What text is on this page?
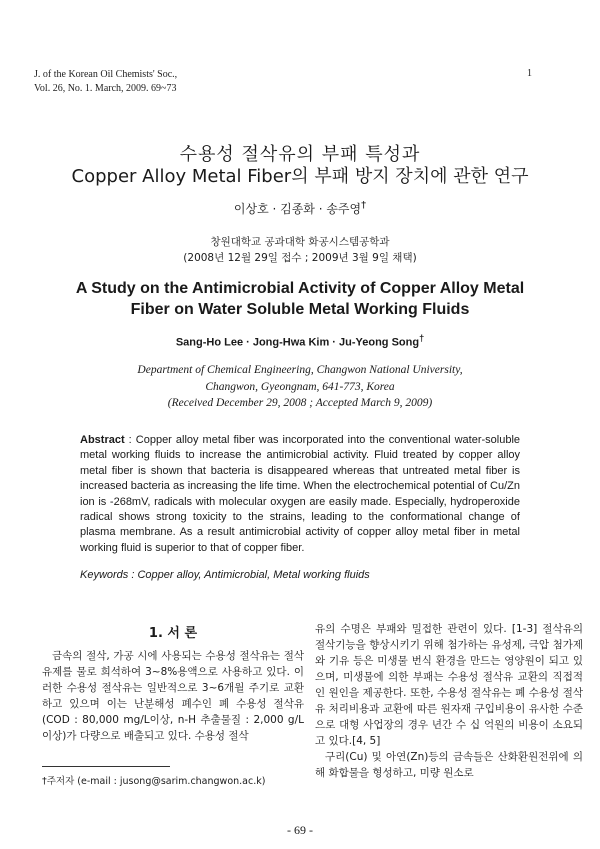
J. of the Korean Oil Chemists' Soc.,
Vol. 26, No. 1. March, 2009. 69~73
1
수용성 절삭유의 부패 특성과
Copper Alloy Metal Fiber의 부패 방지 장치에 관한 연구
이상호 · 김종화 · 송주영†
창원대학교 공과대학 화공시스템공학과
(2008년 12월 29일 접수 ; 2009년 3월 9일 채택)
A Study on the Antimicrobial Activity of Copper Alloy Metal
Fiber on Water Soluble Metal Working Fluids
Sang-Ho Lee · Jong-Hwa Kim · Ju-Yeong Song†
Department of Chemical Engineering, Changwon National University,
Changwon, Gyeongnam, 641-773, Korea
(Received December 29, 2008 ; Accepted March 9, 2009)
Abstract : Copper alloy metal fiber was incorporated into the conventional water-soluble metal working fluids to increase the antimicrobial activity. Fluid treated by copper alloy metal fiber is shown that bacteria is disappeared whereas that untreated metal fiber is increased bacteria as increasing the life time. When the electrochemical potential of Cu/Zn ion is -268mV, radicals with molecular oxygen are easily made. Especially, hydroperoxide radical shows strong toxicity to the strains, leading to the conformational change of plasma membrane. As a result antimicrobial activity of copper alloy metal fiber in metal working fluid is superior to that of copper fiber.
Keywords : Copper alloy, Antimicrobial, Metal working fluids
1. 서 론
금속의 절삭, 가공 시에 사용되는 수용성 절삭유는 절삭유제를 물로 희석하여 3~8%용액으로 사용하고 있다. 이러한 수용성 절삭유는 일반적으로 3~6개월 주기로 교환하고 있으며 이는 난분해성 폐수인 폐 수용성 절삭유(COD : 80,000 mg/L이상, n-H 추출물질 : 2,000 g/L 이상)가 다량으로 배출되고 있다. 수용성 절삭

유의 수명은 부패와 밀접한 관련이 있다. [1-3] 절삭유의 절삭기능을 향상시키기 위해 첨가하는 유성제, 극압 첨가제와 기유 등은 미생물 번식 환경을 만드는 영양원이 되고 있으며, 미생물에 의한 부패는 수용성 절삭유 교환의 직접적인 원인을 제공한다. 또한, 수용성 절삭유는 폐 수용성 절삭유 처리비용과 교환에 따른 원자재 구입비용이 유사한 수준으로 대형 사업장의 경우 년간 수 십 억원의 비용이 소요되고 있다.[4, 5]

구리(Cu) 및 아연(Zn)등의 금속들은 산화환원전위에 의해 화합물을 형성하고, 미량 원소로

†주저자 (e-mail : jusong@sarim.changwon.ac.k)
- 69 -
